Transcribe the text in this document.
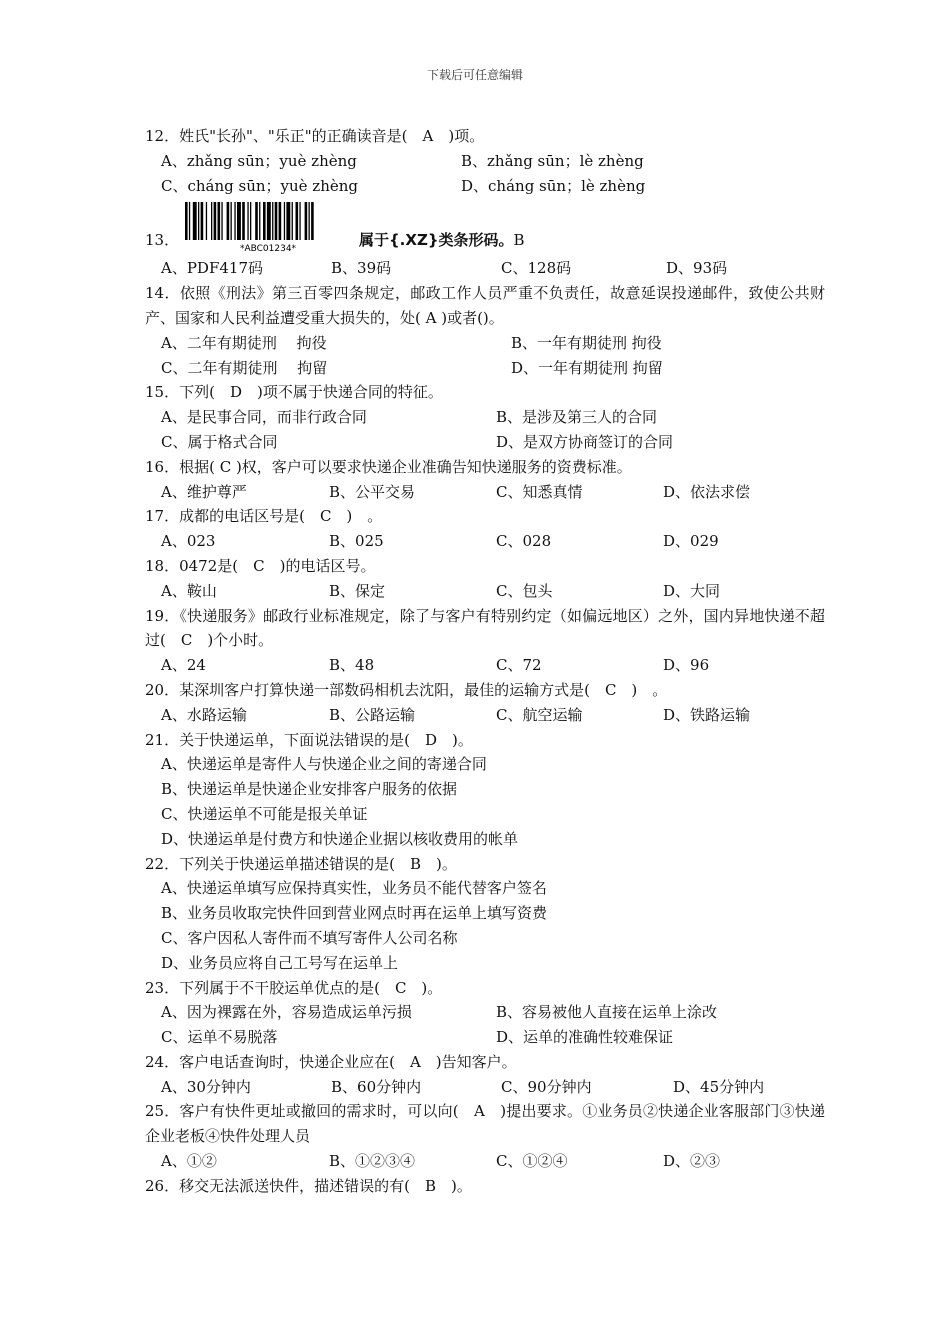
下载后可任意编辑
12．姓氏"长孙"、"乐正"的正确读音是(　A　)项。
A、zhǎng sūn；yuè zhèng	B、zhǎng sūn；lè zhèng
C、cháng sūn；yuè zhèng	D、cháng sūn；lè zhèng
13．
*ABC01234*
属于{.XZ}类条形码。B
A、PDF417码	B、39码	C、128码	D、93码
14．依照《刑法》第三百零四条规定，邮政工作人员严重不负责任，故意延误投递邮件，致使公共财产、国家和人民利益遭受重大损失的，处( A )或者()。
A、二年有期徒刑　 拘役	B、一年有期徒刑 拘役
C、二年有期徒刑　 拘留	D、一年有期徒刑 拘留
15．下列(　D　)项不属于快递合同的特征。
A、是民事合同，而非行政合同	B、是涉及第三人的合同
C、属于格式合同	D、是双方协商签订的合同
16．根据( C )权，客户可以要求快递企业准确告知快递服务的资费标准。
A、维护尊严	B、公平交易	C、知悉真情	D、依法求偿
17．成都的电话区号是(　C　)　。
A、023	B、025	C、028	D、029
18．0472是(　C　)的电话区号。
A、鞍山	B、保定	C、包头	D、大同
19．《快递服务》邮政行业标准规定，除了与客户有特别约定（如偏远地区）之外，国内异地快递不超过(　C　)个小时。
A、24	B、48	C、72	D、96
20．某深圳客户打算快递一部数码相机去沈阳，最佳的运输方式是(　C　)　。
A、水路运输	B、公路运输	C、航空运输	D、铁路运输
21．关于快递运单，下面说法错误的是(　D　)。
A、快递运单是寄件人与快递企业之间的寄递合同
B、快递运单是快递企业安排客户服务的依据
C、快递运单不可能是报关单证
D、快递运单是付费方和快递企业据以核收费用的帐单
22．下列关于快递运单描述错误的是(　B　)。
A、快递运单填写应保持真实性，业务员不能代替客户签名
B、业务员收取完快件回到营业网点时再在运单上填写资费
C、客户因私人寄件而不填写寄件人公司名称
D、业务员应将自己工号写在运单上
23．下列属于不干胶运单优点的是(　C　)。
A、因为裸露在外，容易造成运单污损	B、容易被他人直接在运单上涂改
C、运单不易脱落	D、运单的准确性较难保证
24．客户电话查询时，快递企业应在(　A　)告知客户。
A、30分钟内	B、60分钟内	C、90分钟内	D、45分钟内
25．客户有快件更址或撤回的需求时，可以向(　A　)提出要求。①业务员②快递企业客服部门③快递企业老板④快件处理人员
A、①②	B、①②③④	C、①②④	D、②③
26．移交无法派送快件，描述错误的有(　B　)。
